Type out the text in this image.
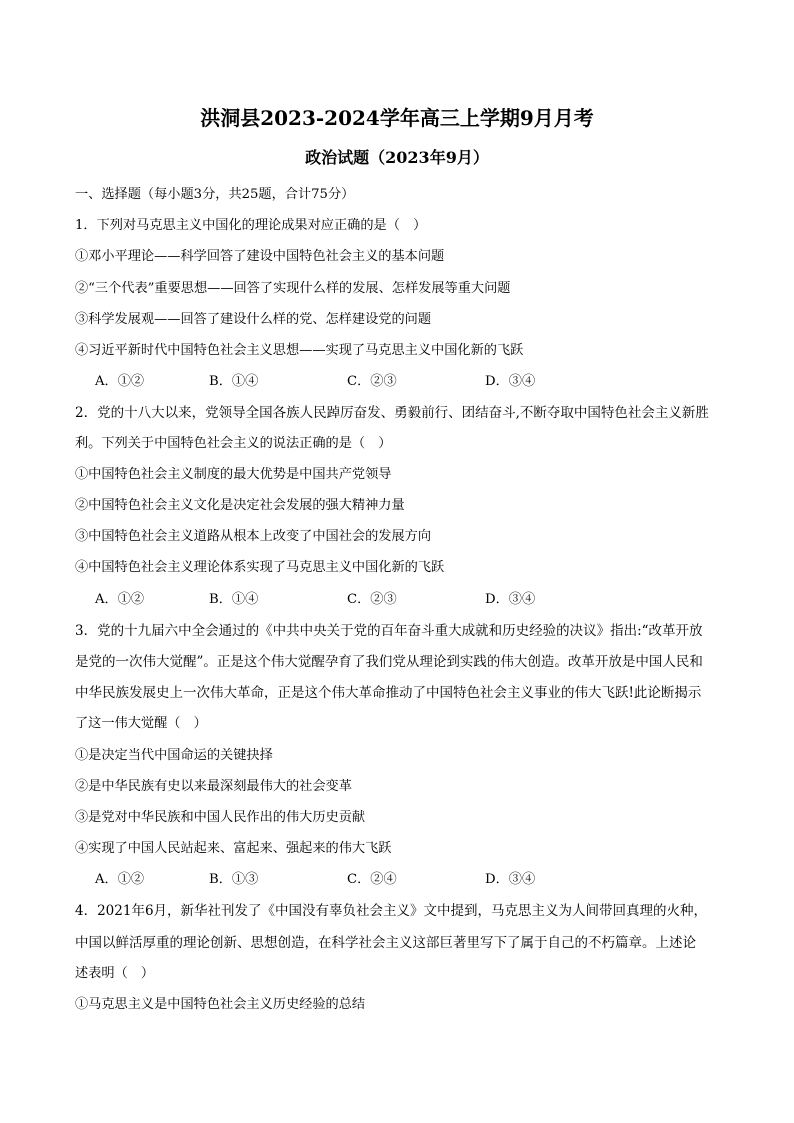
洪洞县2023-2024学年高三上学期9月月考
政治试题（2023年9月）
一、选择题（每小题3分，共25题，合计75分）
1．下列对马克思主义中国化的理论成果对应正确的是（　）
①邓小平理论——科学回答了建设中国特色社会主义的基本问题
②“三个代表”重要思想——回答了实现什么样的发展、怎样发展等重大问题
③科学发展观——回答了建设什么样的党、怎样建设党的问题
④习近平新时代中国特色社会主义思想——实现了马克思主义中国化新的飞跃
A．①②	B．①④	C．②③	D．③④
2．党的十八大以来，党领导全国各族人民踔厉奋发、勇毅前行、团结奋斗,不断夺取中国特色社会主义新胜
利。下列关于中国特色社会主义的说法正确的是（　）
①中国特色社会主义制度的最大优势是中国共产党领导
②中国特色社会主义文化是决定社会发展的强大精神力量
③中国特色社会主义道路从根本上改变了中国社会的发展方向
④中国特色社会主义理论体系实现了马克思主义中国化新的飞跃
A．①②	B．①④	C．②③	D．③④
3．党的十九届六中全会通过的《中共中央关于党的百年奋斗重大成就和历史经验的决议》指出:“改革开放
是党的一次伟大觉醒”。正是这个伟大觉醒孕育了我们党从理论到实践的伟大创造。改革开放是中国人民和
中华民族发展史上一次伟大革命，正是这个伟大革命推动了中国特色社会主义事业的伟大飞跃!此论断揭示
了这一伟大觉醒（　）
①是决定当代中国命运的关键抉择
②是中华民族有史以来最深刻最伟大的社会变革
③是党对中华民族和中国人民作出的伟大历史贡献
④实现了中国人民站起来、富起来、强起来的伟大飞跃
A．①②	B．①③	C．②④	D．③④
4．2021年6月，新华社刊发了《中国没有辜负社会主义》文中提到，马克思主义为人间带回真理的火种，
中国以鲜活厚重的理论创新、思想创造，在科学社会主义这部巨著里写下了属于自己的不朽篇章。上述论
述表明（　）
①马克思主义是中国特色社会主义历史经验的总结
